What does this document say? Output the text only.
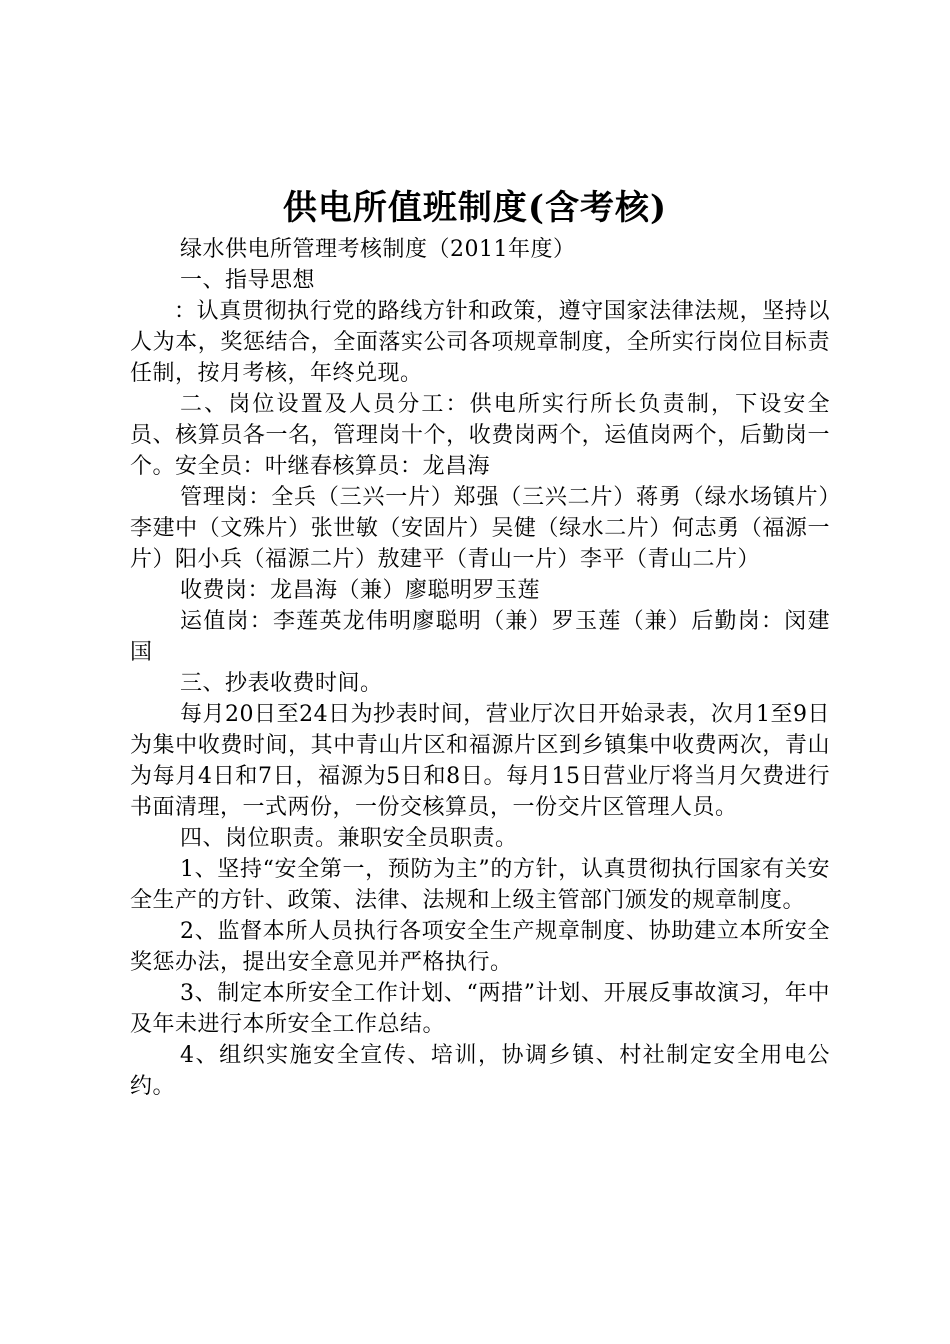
供电所值班制度(含考核)

绿水供电所管理考核制度（2011年度）

一、指导思想

：认真贯彻执行党的路线方针和政策，遵守国家法律法规，坚持以人为本，奖惩结合，全面落实公司各项规章制度，全所实行岗位目标责任制，按月考核，年终兑现。

二、岗位设置及人员分工：供电所实行所长负责制，下设安全员、核算员各一名，管理岗十个，收费岗两个，运值岗两个，后勤岗一个。安全员：叶继春核算员：龙昌海

管理岗：全兵（三兴一片）郑强（三兴二片）蒋勇（绿水场镇片）李建中（文殊片）张世敏（安固片）吴健（绿水二片）何志勇（福源一片）阳小兵（福源二片）敖建平（青山一片）李平（青山二片）

收费岗：龙昌海（兼）廖聪明罗玉莲

运值岗：李莲英龙伟明廖聪明（兼）罗玉莲（兼）后勤岗：闵建国

三、抄表收费时间。

每月20日至24日为抄表时间，营业厅次日开始录表，次月1至9日为集中收费时间，其中青山片区和福源片区到乡镇集中收费两次，青山为每月4日和7日，福源为5日和8日。每月15日营业厅将当月欠费进行书面清理，一式两份，一份交核算员，一份交片区管理人员。

四、岗位职责。兼职安全员职责。

1、坚持“安全第一，预防为主”的方针，认真贯彻执行国家有关安全生产的方针、政策、法律、法规和上级主管部门颁发的规章制度。

2、监督本所人员执行各项安全生产规章制度、协助建立本所安全奖惩办法，提出安全意见并严格执行。

3、制定本所安全工作计划、“两措”计划、开展反事故演习，年中及年未进行本所安全工作总结。

4、组织实施安全宣传、培训，协调乡镇、村社制定安全用电公约。
